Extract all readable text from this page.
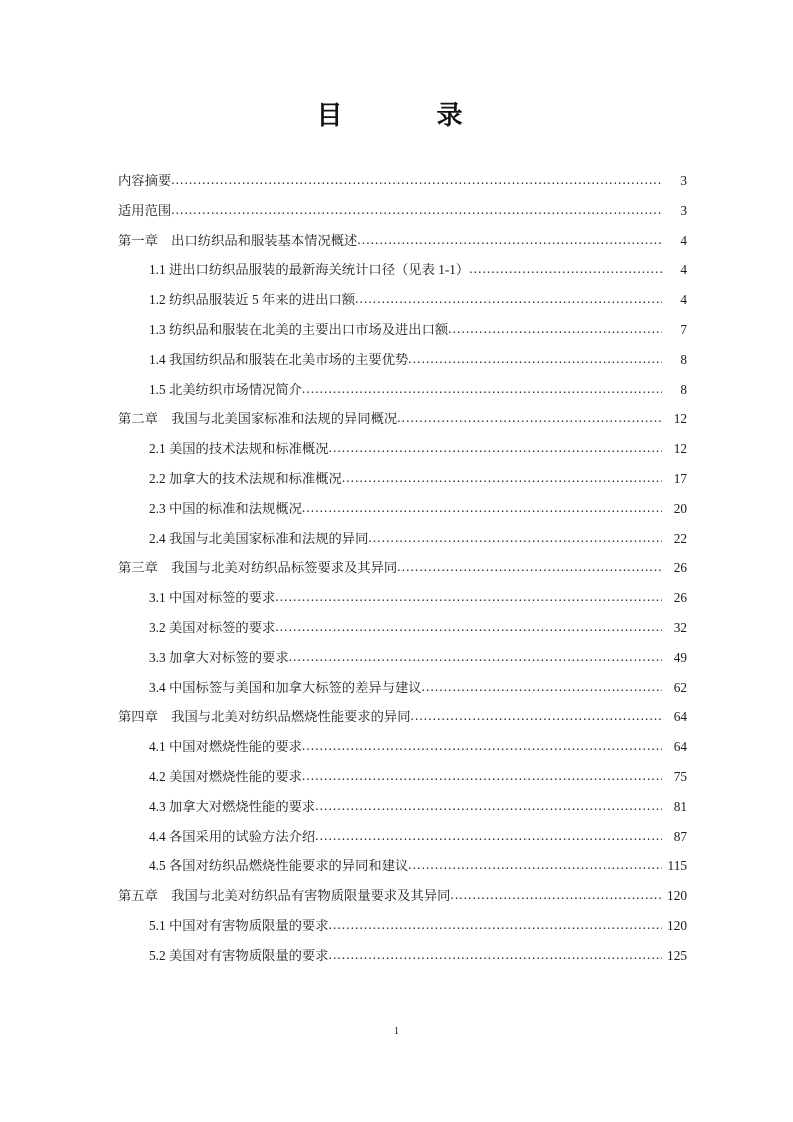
目　　录
内容摘要 .....	3
适用范围 .....	3
第一章　出口纺织品和服装基本情况概述 .....	4
1.1 进出口纺织品服装的最新海关统计口径（见表 1-1） .....	4
1.2 纺织品服装近 5 年来的进出口额 .....	4
1.3 纺织品和服装在北美的主要出口市场及进出口额 .....	7
1.4 我国纺织品和服装在北美市场的主要优势 .....	8
1.5 北美纺织市场情况简介 .....	8
第二章　我国与北美国家标准和法规的异同概况 .....	12
2.1 美国的技术法规和标准概况 .....	12
2.2 加拿大的技术法规和标准概况 .....	17
2.3 中国的标准和法规概况 .....	20
2.4 我国与北美国家标准和法规的异同 .....	22
第三章　我国与北美对纺织品标签要求及其异同 .....	26
3.1 中国对标签的要求 .....	26
3.2 美国对标签的要求 .....	32
3.3 加拿大对标签的要求 .....	49
3.4 中国标签与美国和加拿大标签的差异与建议 .....	62
第四章　我国与北美对纺织品燃烧性能要求的异同 .....	64
4.1 中国对燃烧性能的要求 .....	64
4.2 美国对燃烧性能的要求 .....	75
4.3 加拿大对燃烧性能的要求 .....	81
4.4 各国采用的试验方法介绍 .....	87
4.5 各国对纺织品燃烧性能要求的异同和建议 .....	115
第五章　我国与北美对纺织品有害物质限量要求及其异同 .....	120
5.1 中国对有害物质限量的要求 .....	120
5.2 美国对有害物质限量的要求 .....	125
1
